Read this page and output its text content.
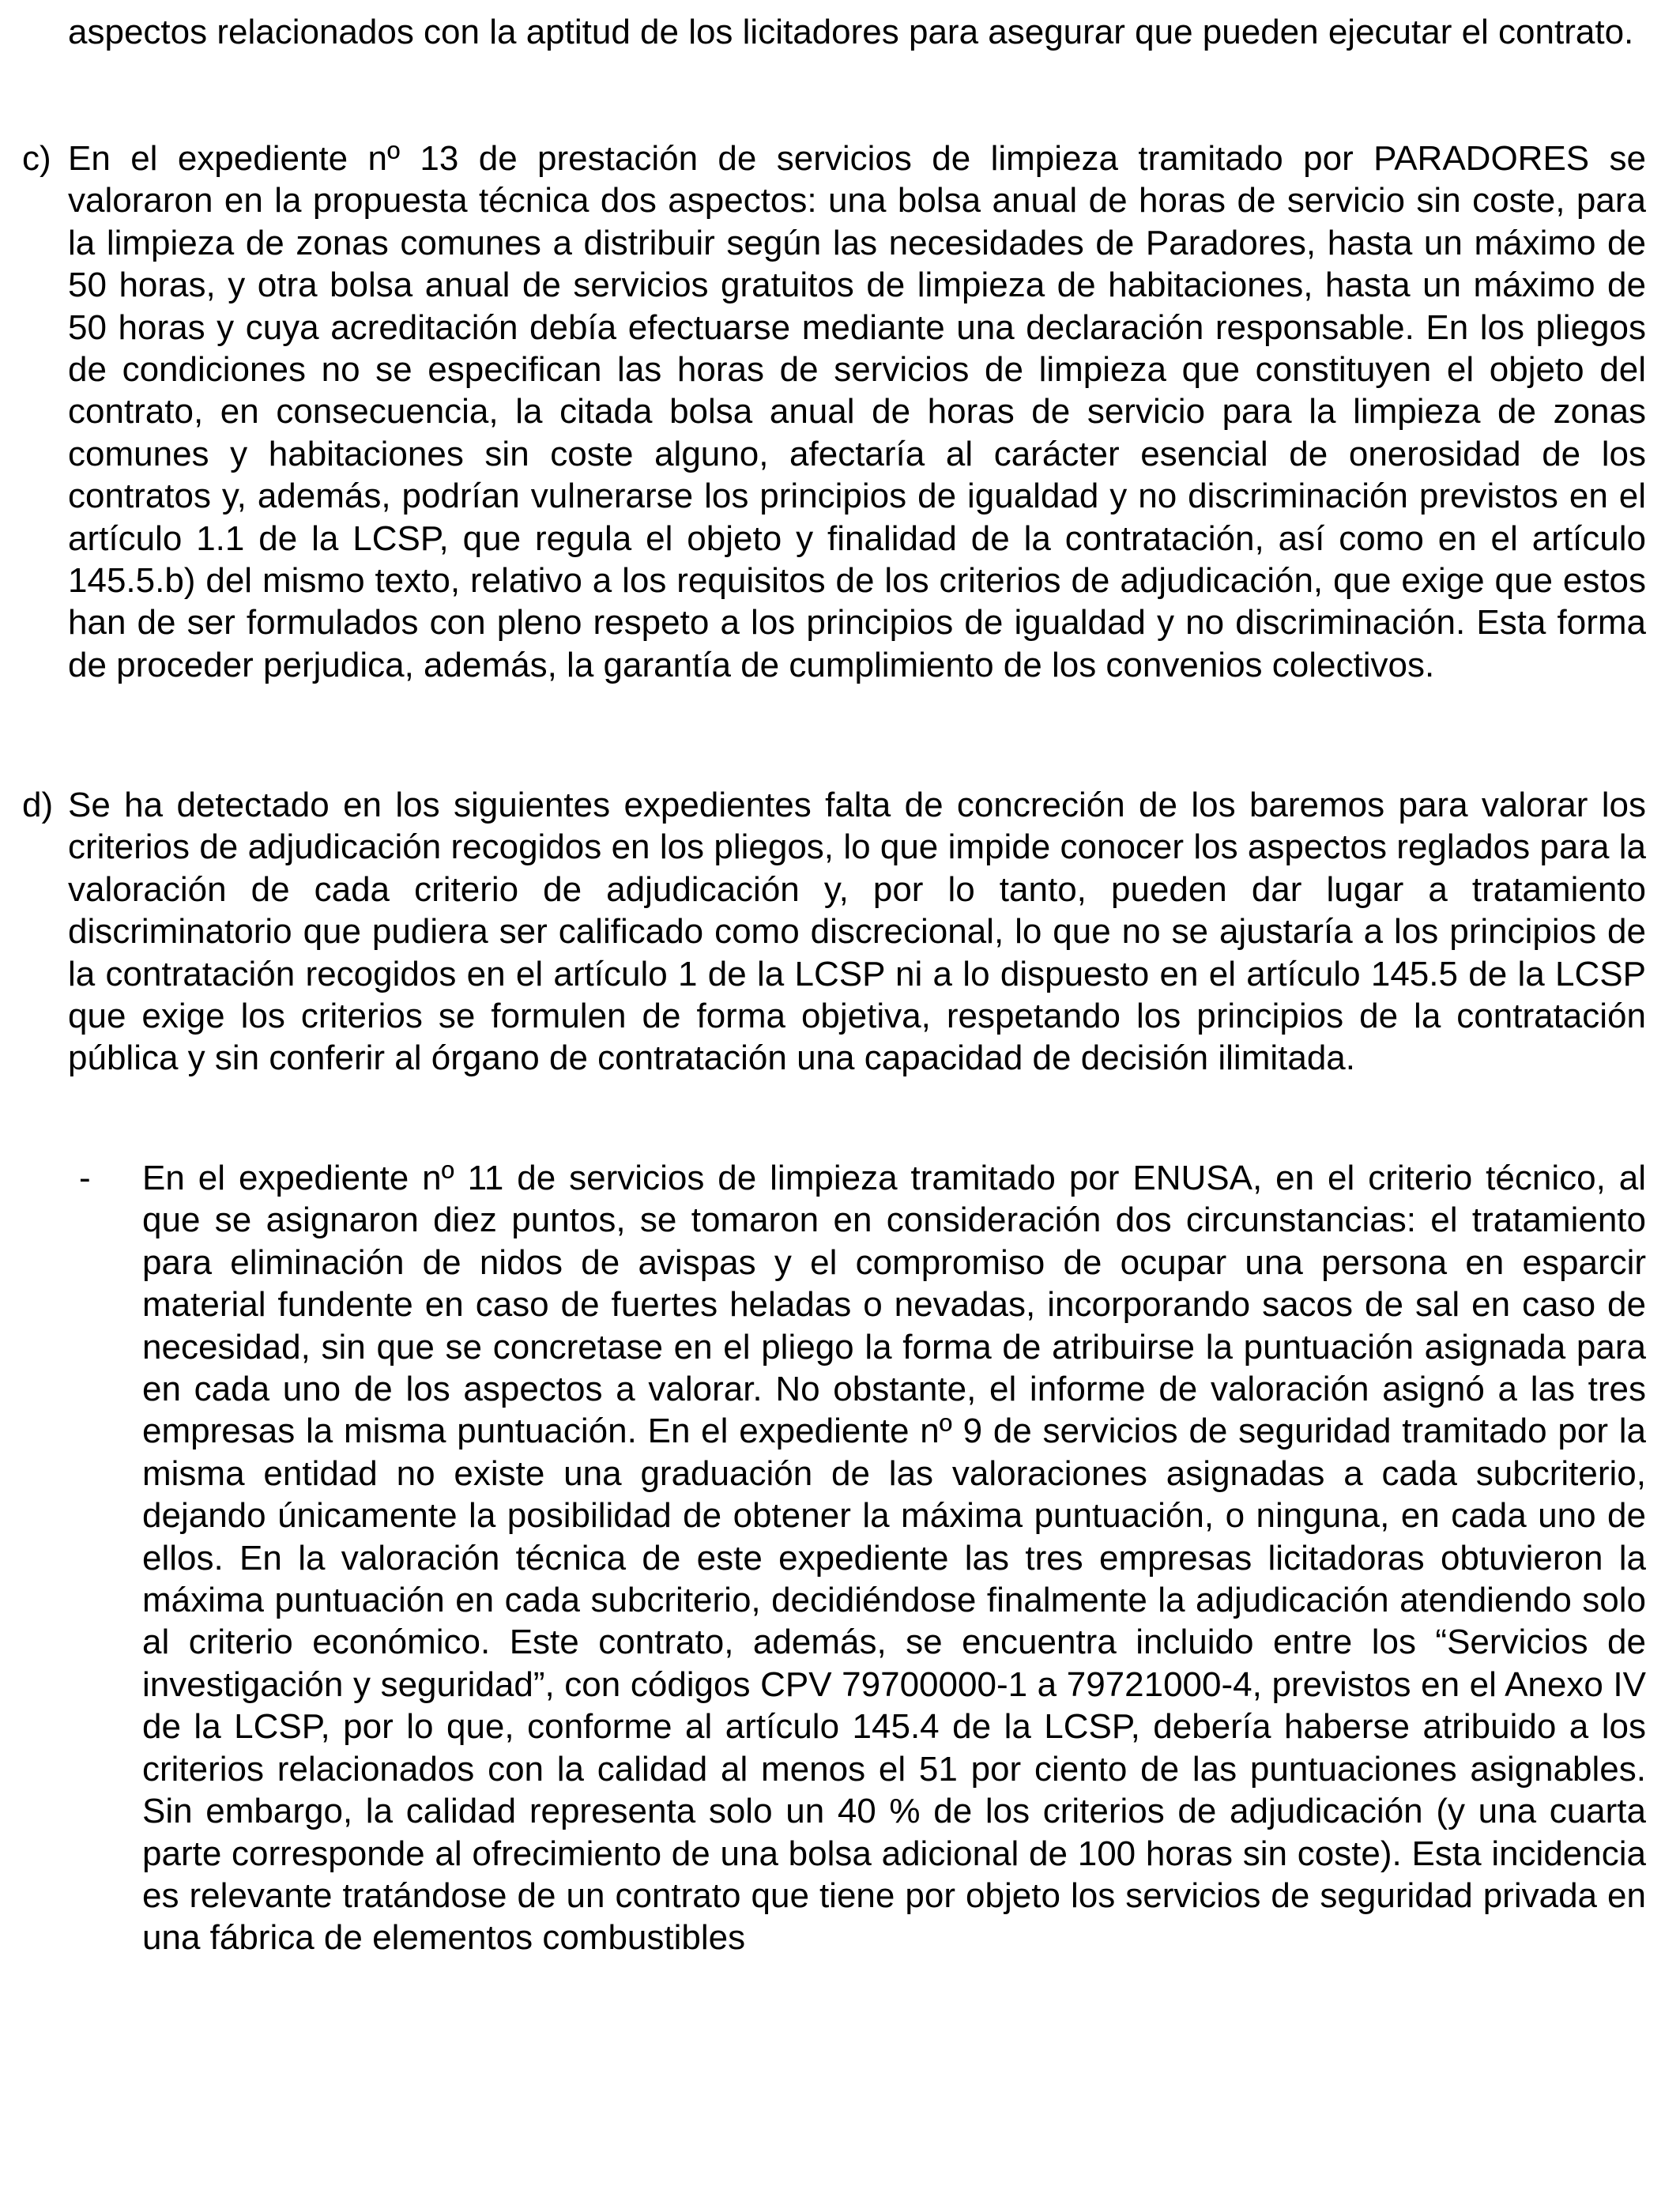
aspectos relacionados con la aptitud de los licitadores para asegurar que pueden ejecutar el contrato.

c) En el expediente nº 13 de prestación de servicios de limpieza tramitado por PARADORES se valoraron en la propuesta técnica dos aspectos: una bolsa anual de horas de servicio sin coste, para la limpieza de zonas comunes a distribuir según las necesidades de Paradores, hasta un máximo de 50 horas, y otra bolsa anual de servicios gratuitos de limpieza de habitaciones, hasta un máximo de 50 horas y cuya acreditación debía efectuarse mediante una declaración responsable. En los pliegos de condiciones no se especifican las horas de servicios de limpieza que constituyen el objeto del contrato, en consecuencia, la citada bolsa anual de horas de servicio para la limpieza de zonas comunes y habitaciones sin coste alguno, afectaría al carácter esencial de onerosidad de los contratos y, además, podrían vulnerarse los principios de igualdad y no discriminación previstos en el artículo 1.1 de la LCSP, que regula el objeto y finalidad de la contratación, así como en el artículo 145.5.b) del mismo texto, relativo a los requisitos de los criterios de adjudicación, que exige que estos han de ser formulados con pleno respeto a los principios de igualdad y no discriminación. Esta forma de proceder perjudica, además, la garantía de cumplimiento de los convenios colectivos.

d) Se ha detectado en los siguientes expedientes falta de concreción de los baremos para valorar los criterios de adjudicación recogidos en los pliegos, lo que impide conocer los aspectos reglados para la valoración de cada criterio de adjudicación y, por lo tanto, pueden dar lugar a tratamiento discriminatorio que pudiera ser calificado como discrecional, lo que no se ajustaría a los principios de la contratación recogidos en el artículo 1 de la LCSP ni a lo dispuesto en el artículo 145.5 de la LCSP que exige los criterios se formulen de forma objetiva, respetando los principios de la contratación pública y sin conferir al órgano de contratación una capacidad de decisión ilimitada.

- En el expediente nº 11 de servicios de limpieza tramitado por ENUSA, en el criterio técnico, al que se asignaron diez puntos, se tomaron en consideración dos circunstancias: el tratamiento para eliminación de nidos de avispas y el compromiso de ocupar una persona en esparcir material fundente en caso de fuertes heladas o nevadas, incorporando sacos de sal en caso de necesidad, sin que se concretase en el pliego la forma de atribuirse la puntuación asignada para en cada uno de los aspectos a valorar. No obstante, el informe de valoración asignó a las tres empresas la misma puntuación. En el expediente nº 9 de servicios de seguridad tramitado por la misma entidad no existe una graduación de las valoraciones asignadas a cada subcriterio, dejando únicamente la posibilidad de obtener la máxima puntuación, o ninguna, en cada uno de ellos. En la valoración técnica de este expediente las tres empresas licitadoras obtuvieron la máxima puntuación en cada subcriterio, decidiéndose finalmente la adjudicación atendiendo solo al criterio económico. Este contrato, además, se encuentra incluido entre los “Servicios de investigación y seguridad”, con códigos CPV 79700000-1 a 79721000-4, previstos en el Anexo IV de la LCSP, por lo que, conforme al artículo 145.4 de la LCSP, debería haberse atribuido a los criterios relacionados con la calidad al menos el 51 por ciento de las puntuaciones asignables. Sin embargo, la calidad representa solo un 40 % de los criterios de adjudicación (y una cuarta parte corresponde al ofrecimiento de una bolsa adicional de 100 horas sin coste). Esta incidencia es relevante tratándose de un contrato que tiene por objeto los servicios de seguridad privada en una fábrica de elementos combustibles
